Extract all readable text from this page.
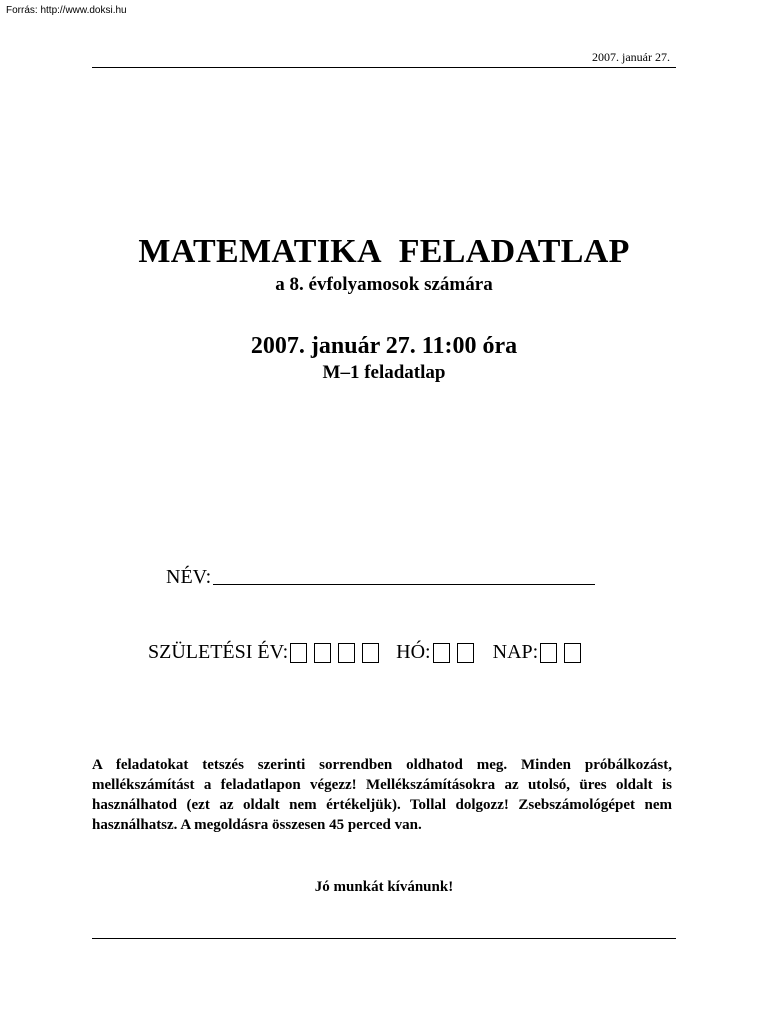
Forrás: http://www.doksi.hu
2007. január 27.
MATEMATIKA FELADATLAP
a 8. évfolyamosok számára
2007. január 27. 11:00 óra
M–1 feladatlap
NÉV:
SZÜLETÉSI ÉV:	HÓ:	NAP:
A feladatokat tetszés szerinti sorrendben oldhatod meg. Minden próbálkozást, mellékszámítást a feladatlapon végezz! Mellékszámításokra az utolsó, üres oldalt is használhatod (ezt az oldalt nem értékeljük). Tollal dolgozz! Zsebszámológépet nem használhatsz. A megoldásra összesen 45 perced van.
Jó munkát kívánunk!
